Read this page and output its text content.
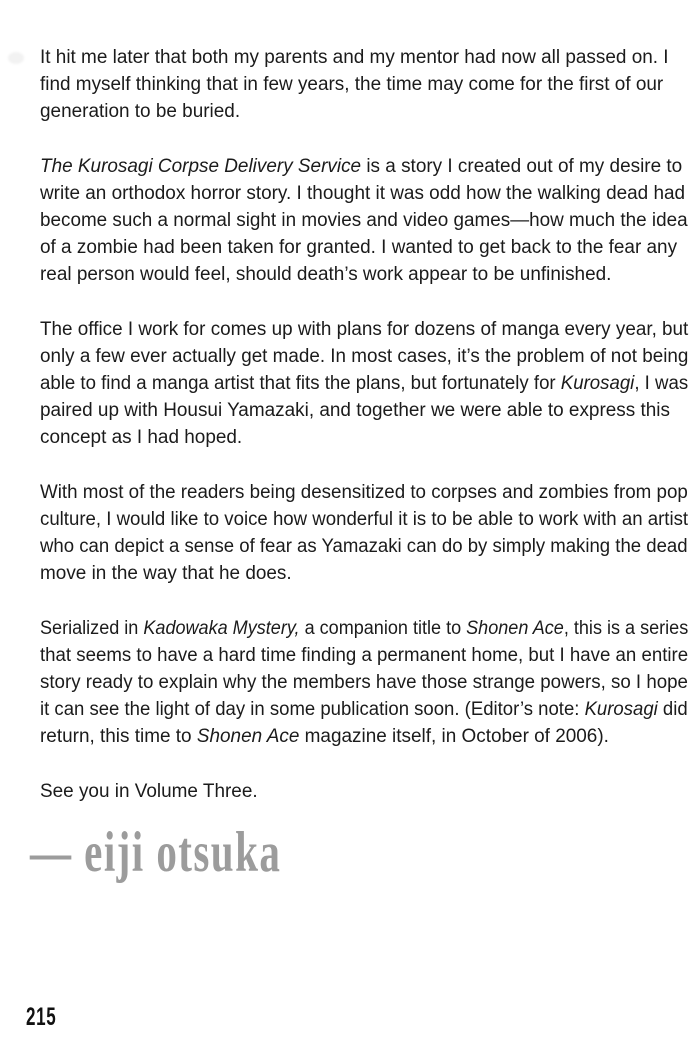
It hit me later that both my parents and my mentor had now all passed on. I
find myself thinking that in few years, the time may come for the first of our
generation to be buried.
The Kurosagi Corpse Delivery Service is a story I created out of my desire to
write an orthodox horror story. I thought it was odd how the walking dead had
become such a normal sight in movies and video games—how much the idea
of a zombie had been taken for granted. I wanted to get back to the fear any
real person would feel, should death’s work appear to be unfinished.
The office I work for comes up with plans for dozens of manga every year, but
only a few ever actually get made. In most cases, it’s the problem of not being
able to find a manga artist that fits the plans, but fortunately for Kurosagi, I was
paired up with Housui Yamazaki, and together we were able to express this
concept as I had hoped.
With most of the readers being desensitized to corpses and zombies from pop
culture, I would like to voice how wonderful it is to be able to work with an artist
who can depict a sense of fear as Yamazaki can do by simply making the dead
move in the way that he does.
Serialized in Kadowaka Mystery, a companion title to Shonen Ace, this is a series
that seems to have a hard time finding a permanent home, but I have an entire
story ready to explain why the members have those strange powers, so I hope
it can see the light of day in some publication soon. (Editor’s note: Kurosagi did
return, this time to Shonen Ace magazine itself, in October of 2006).
See you in Volume Three.
— eiji otsuka
215
